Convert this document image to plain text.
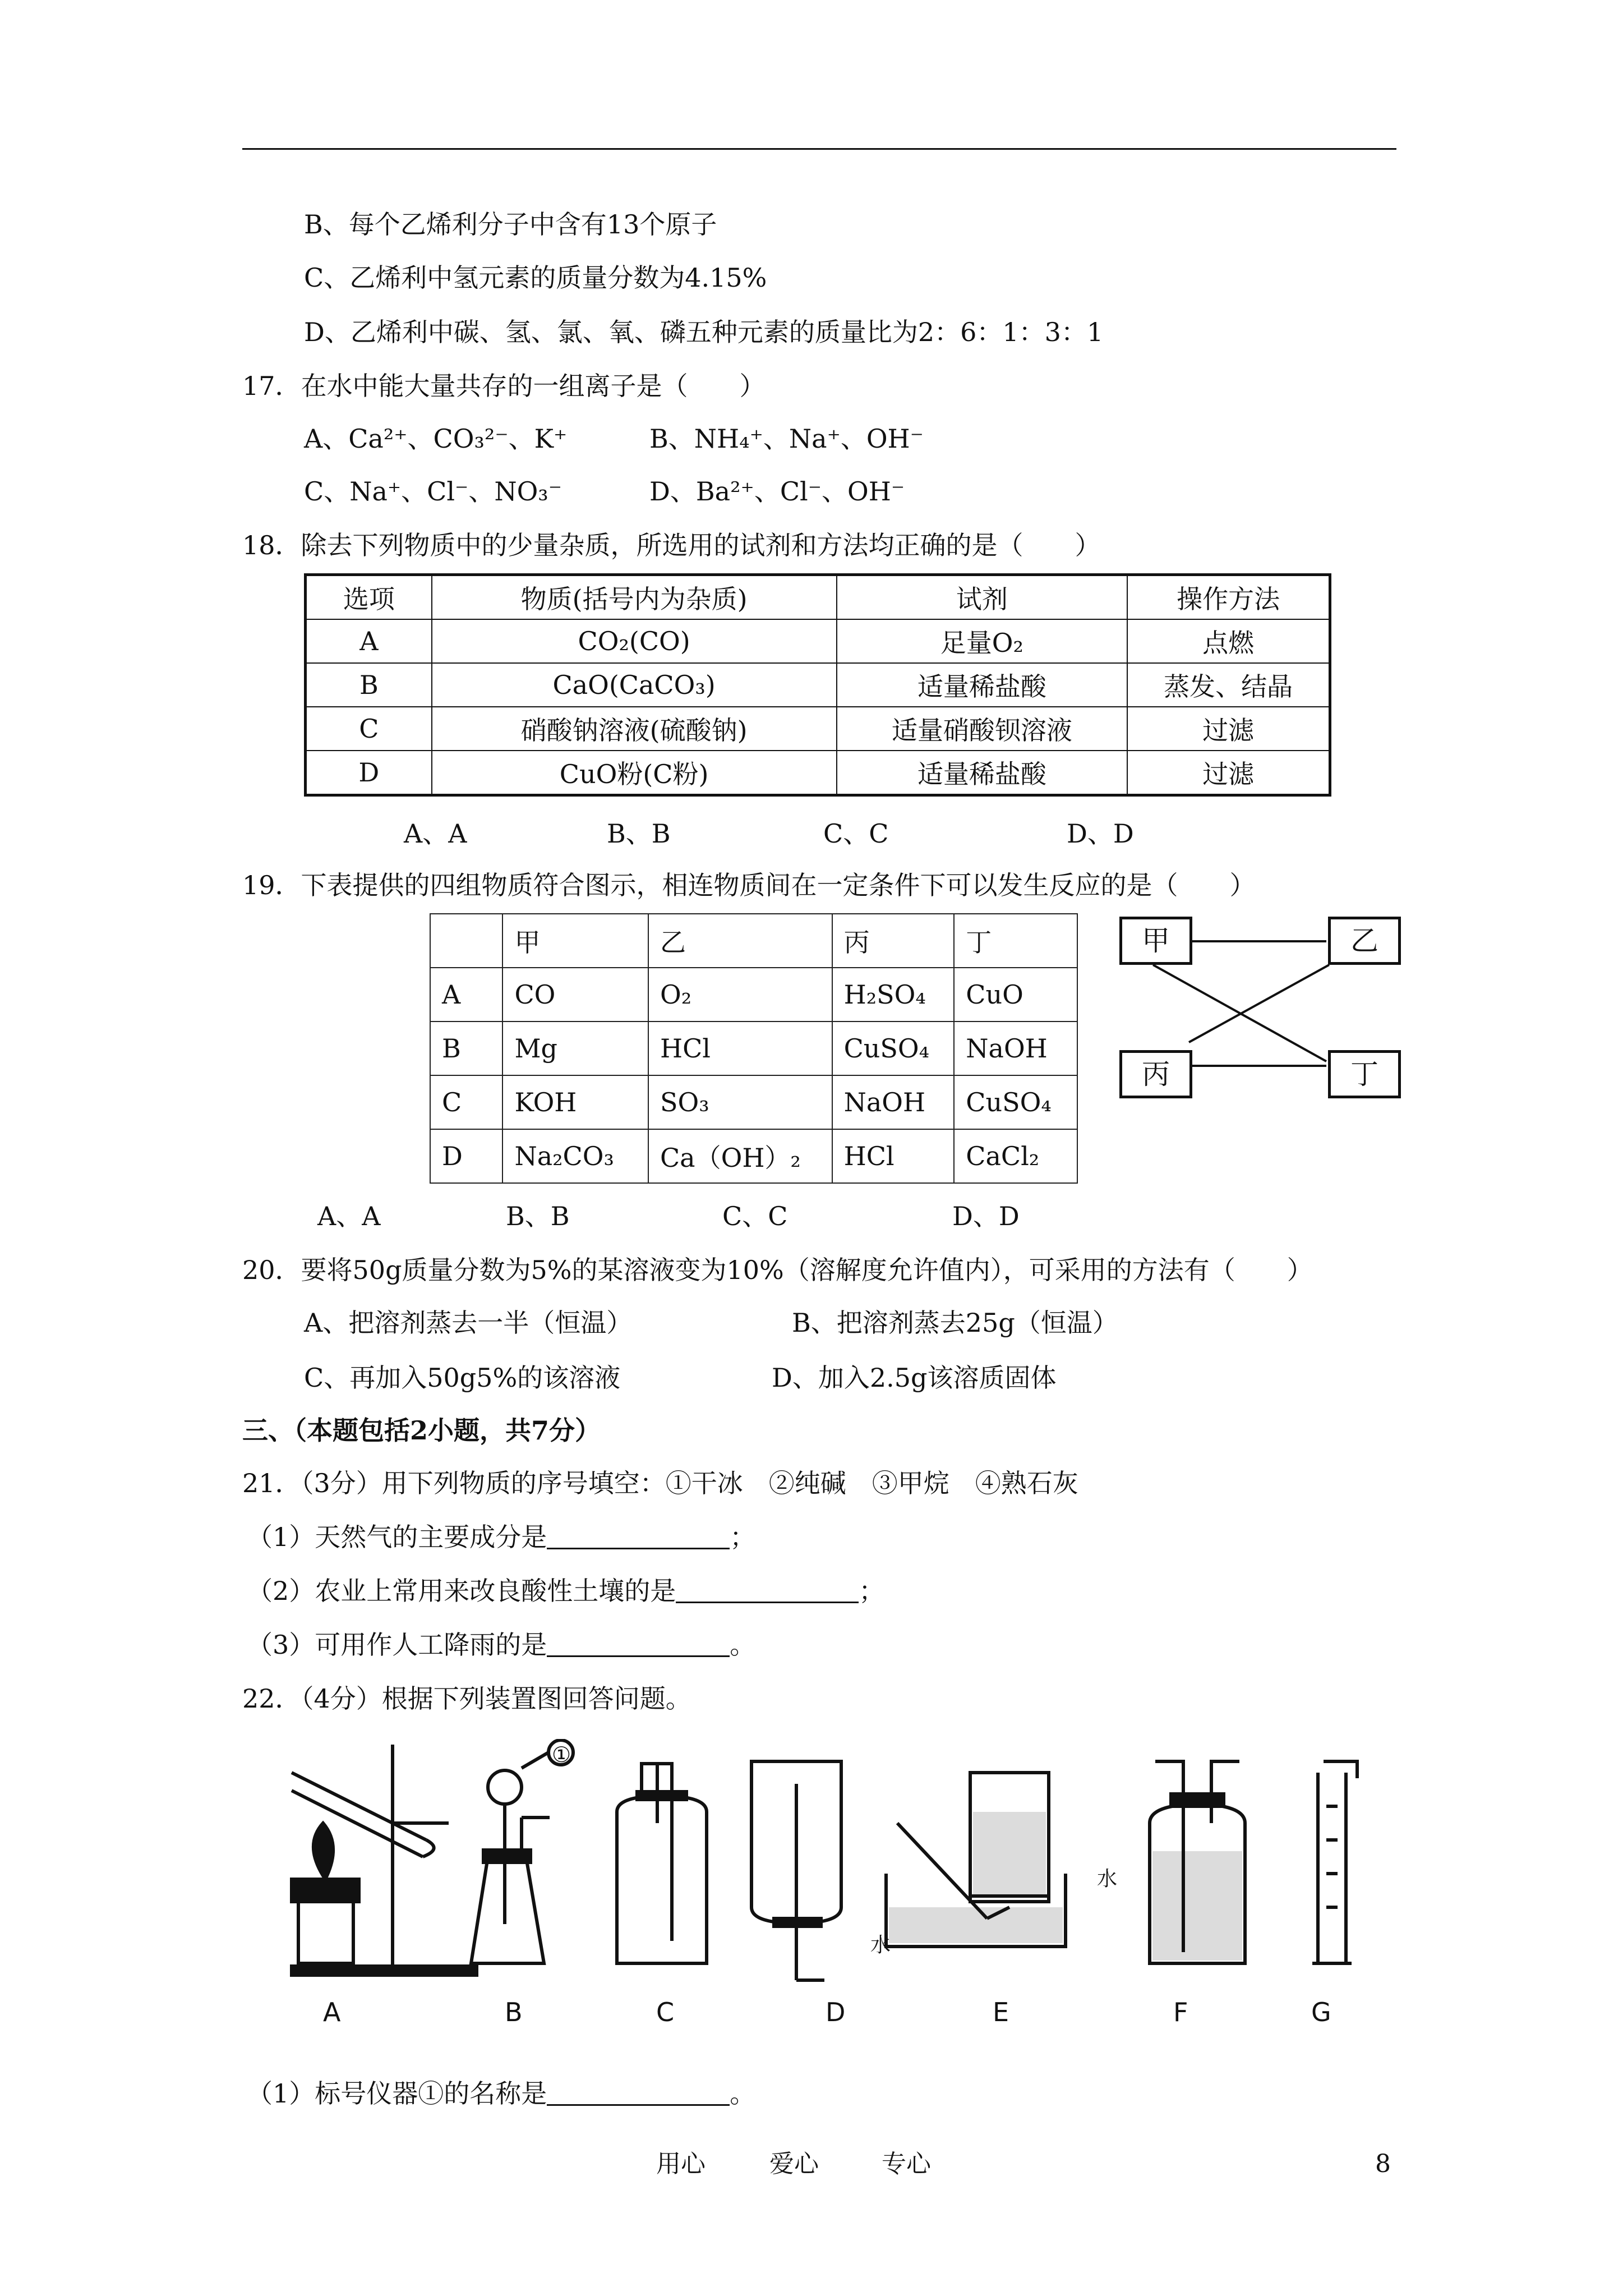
B、每个乙烯利分子中含有13个原子
C、乙烯利中氢元素的质量分数为4.15%
D、乙烯利中碳、氢、氯、氧、磷五种元素的质量比为2：6：1：3：1
17．在水中能大量共存的一组离子是（　　）
A、Ca²⁺、CO₃²⁻、K⁺	B、NH₄⁺、Na⁺、OH⁻
C、Na⁺、Cl⁻、NO₃⁻	D、Ba²⁺、Cl⁻、OH⁻
18．除去下列物质中的少量杂质，所选用的试剂和方法均正确的是（　　）
选项	物质(括号内为杂质)	试剂	操作方法
A	CO₂(CO)	足量O₂	点燃
B	CaO(CaCO₃)	适量稀盐酸	蒸发、结晶
C	硝酸钠溶液(硫酸钠)	适量硝酸钡溶液	过滤
D	CuO粉(C粉)	适量稀盐酸	过滤
A、A	B、B	C、C	D、D
19．下表提供的四组物质符合图示，相连物质间在一定条件下可以发生反应的是（　　）
	甲	乙	丙	丁
A	CO	O₂	H₂SO₄	CuO
B	Mg	HCl	CuSO₄	NaOH
C	KOH	SO₃	NaOH	CuSO₄
D	Na₂CO₃	Ca（OH）₂	HCl	CaCl₂
甲	乙
丙	丁
A、A	B、B	C、C	D、D
20．要将50g质量分数为5%的某溶液变为10%（溶解度允许值内），可采用的方法有（　　）
A、把溶剂蒸去一半（恒温）	B、把溶剂蒸去25g（恒温）
C、再加入50g5%的该溶液	D、加入2.5g该溶质固体
三、（本题包括2小题，共7分）
21．（3分）用下列物质的序号填空：①干冰　②纯碱　③甲烷　④熟石灰
（1）天然气的主要成分是	；
（2）农业上常用来改良酸性土壤的是	；
（3）可用作人工降雨的是	。
22．（4分）根据下列装置图回答问题。
A	B	C	D	E	F	G
水
水
①
（1）标号仪器①的名称是	。
用心	爱心	专心	8
